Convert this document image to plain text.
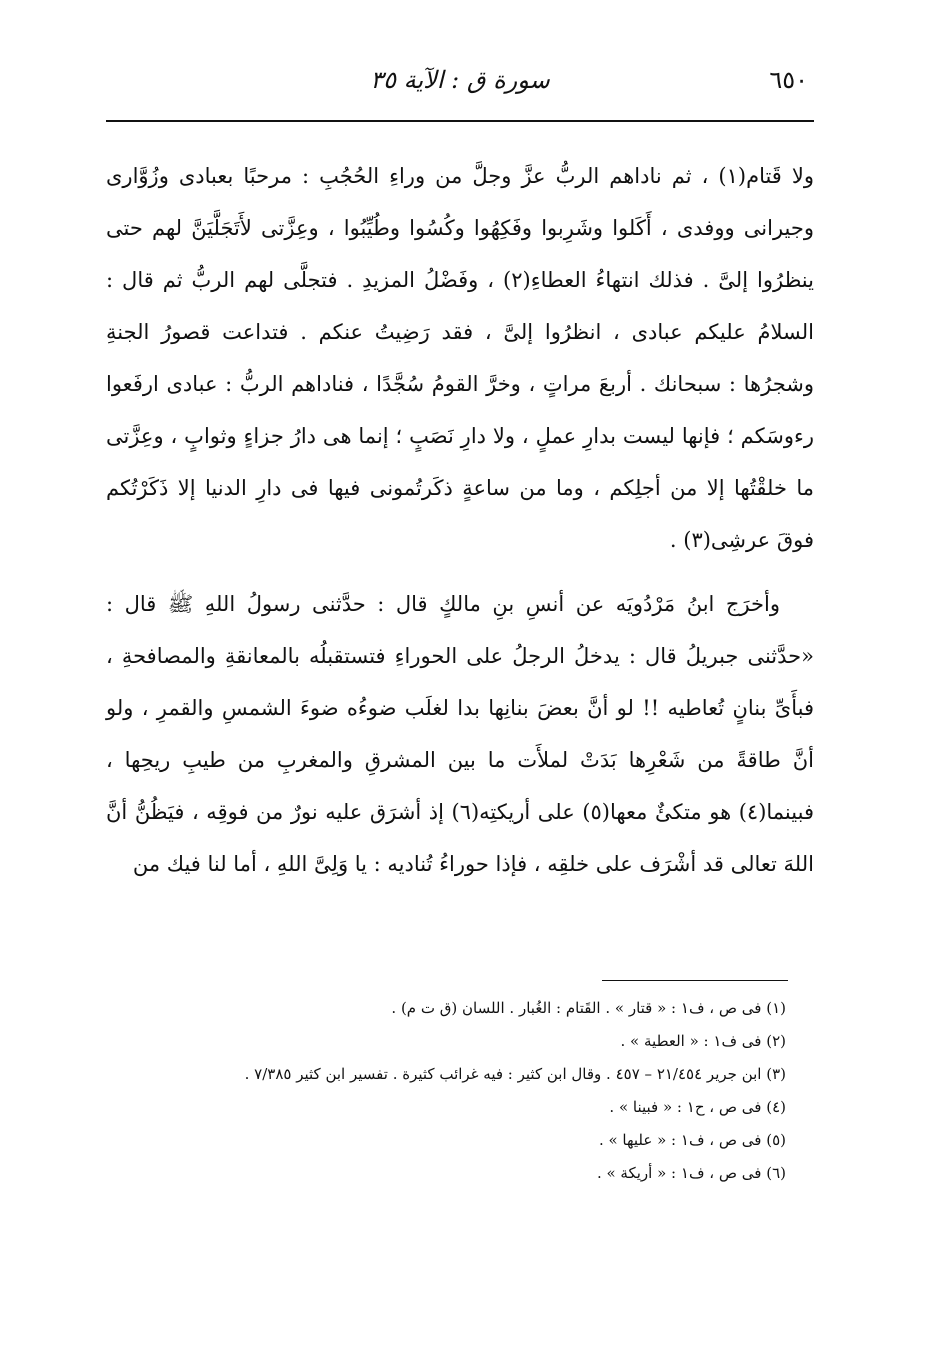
٦٥٠
سورة ق : الآية ٣٥

ولا قَتام(١) ، ثم ناداهم الربُّ عزَّ وجلَّ من وراءِ الحُجُبِ : مرحبًا بعبادى وزُوَّارى وجيرانى ووفدى ، أَكَلوا وشَرِبوا وفَكِهُوا وكُسُوا وطُيِّبُوا ، وعِزَّتى لأَتَجَلَّيَنَّ لهم حتى ينظرُوا إلىَّ . فذلك انتهاءُ العطاءِ(٢) ، وفَضْلُ المزيدِ . فتجلَّى لهم الربُّ ثم قال : السلامُ عليكم عبادى ، انظرُوا إلىَّ ، فقد رَضِيتُ عنكم . فتداعت قصورُ الجنةِ وشجرُها : سبحانك . أربعَ مراتٍ ، وخرَّ القومُ سُجَّدًا ، فناداهم الربُّ : عبادى ارفَعوا رءوسَكم ؛ فإنها ليست بدارِ عملٍ ، ولا دارِ نَصَبٍ ؛ إنما هى دارُ جزاءٍ وثوابٍ ، وعِزَّتى ما خلقْتُها إلا من أجلِكم ، وما من ساعةٍ ذكَرتُمونى فيها فى دارِ الدنيا إلا ذَكَرْتُكم فوقَ عرشِى(٣) .

وأخرَج ابنُ مَرْدُويَه عن أنسِ بنِ مالكٍ قال : حدَّثنى رسولُ اللهِ ﷺ قال : «حدَّثنى جبريلُ قال : يدخلُ الرجلُ على الحوراءِ فتستقبلُه بالمعانقةِ والمصافحةِ ، فبأَىِّ بنانٍ تُعاطيه !! لو أنَّ بعضَ بنانِها بدا لغلَب ضوءُه ضوءَ الشمسِ والقمرِ ، ولو أنَّ طاقةً من شَعْرِها بَدَتْ لملأَت ما بين المشرقِ والمغربِ من طيبِ ريحِها ، فبينما(٤) هو متكئٌ معها(٥) على أريكتِه(٦) إذ أشرَق عليه نورٌ من فوقِه ، فيَظُنُّ أنَّ اللهَ تعالى قد أشْرَف على خلقِه ، فإذا حوراءُ تُناديه : يا وَلِىَّ اللهِ ، أما لنا فيك من

(١) فى ص ، ف١ : « قتار » . القَتام : الغُبار . اللسان (ق ت م) .

(٢) فى ف١ : « العطية » .

(٣) ابن جرير ٢١/٤٥٤ – ٤٥٧ . وقال ابن كثير : فيه غرائب كثيرة . تفسير ابن كثير ٧/٣٨٥ .

(٤) فى ص ، ح١ : « فبينا » .

(٥) فى ص ، ف١ : « عليها » .

(٦) فى ص ، ف١ : « أريكة » .
